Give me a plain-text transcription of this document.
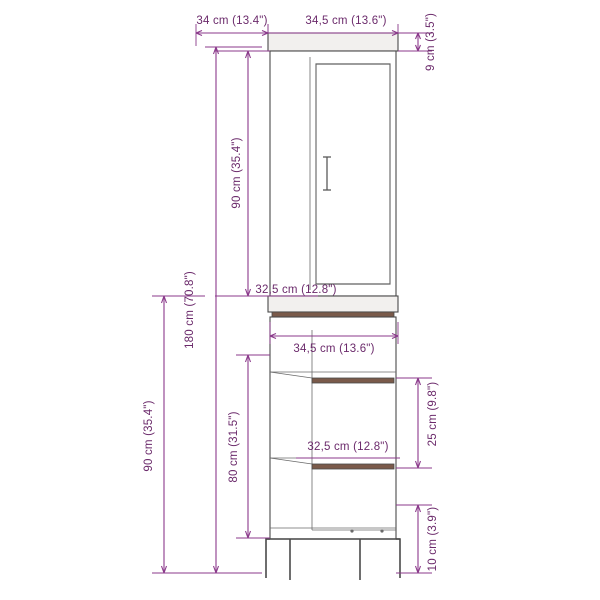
34 cm (13.4")	34,5 cm (13.6")	9 cm (3.5")
90 cm (35.4")
32,5 cm (12.8")
34,5 cm (13.6")
180 cm (70.8")
90 cm (35.4")	80 cm (31.5")	25 cm (9.8")
32,5 cm (12.8")
10 cm (3.9")
